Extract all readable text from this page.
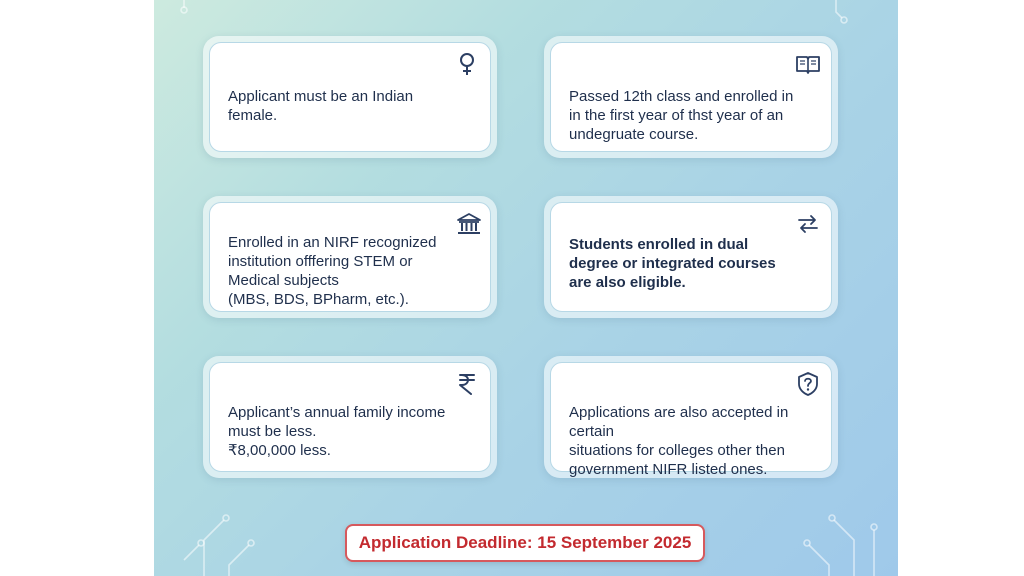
Applicant must be an Indian
female.
Passed 12th class and enrolled in
in the first year of thst year of an
undegruate course.
Enrolled in an NIRF recognized
institution offfering STEM or
Medical subjects
(MBS, BDS, BPharm, etc.).
Students enrolled in dual
degree or integrated courses
are also eligible.
Applicant’s annual family income
must be less.
₹8,00,000 less.
Applications are also accepted in certain
situations for colleges other then
government NIFR listed ones.
Application Deadline: 15 September 2025
